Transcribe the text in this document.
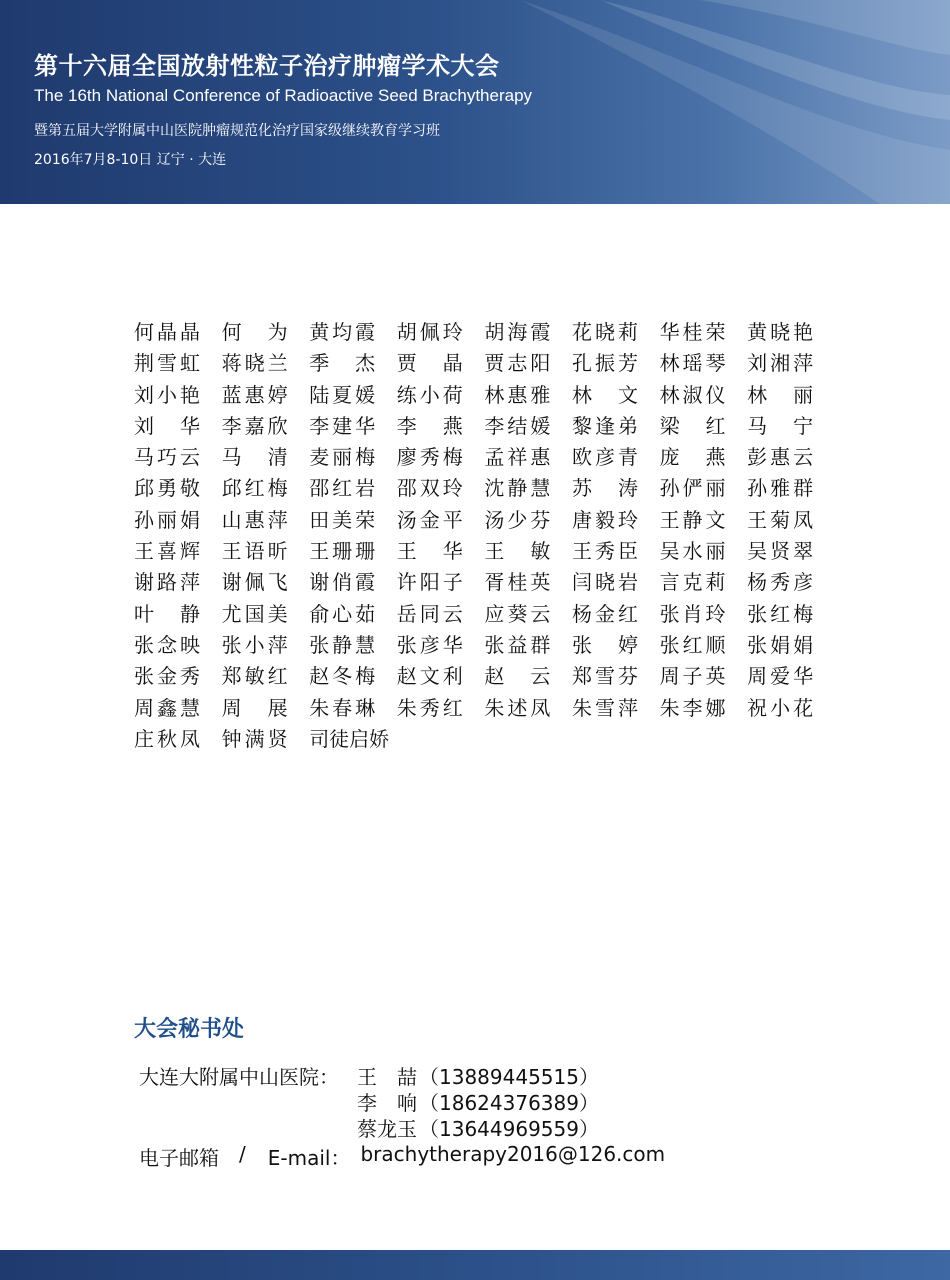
第十六届全国放射性粒子治疗肿瘤学术大会

The 16th National Conference of Radioactive Seed Brachytherapy

暨第五届大学附属中山医院肿瘤规范化治疗国家级继续教育学习班

2016年7月8-10日 辽宁 · 大连

何晶晶 何为 黄均霞 胡佩玲 胡海霞 花晓莉 华桂荣 黄晓艳
荆雪虹 蒋晓兰 季杰 贾晶 贾志阳 孔振芳 林瑶琴 刘湘萍
刘小艳 蓝惠婷 陆夏媛 练小荷 林惠雅 林文 林淑仪 林丽
刘华 李嘉欣 李建华 李燕 李结媛 黎逢弟 梁红 马宁
马巧云 马清 麦丽梅 廖秀梅 孟祥惠 欧彦青 庞燕 彭惠云
邱勇敬 邱红梅 邵红岩 邵双玲 沈静慧 苏涛 孙俨丽 孙雅群
孙丽娟 山惠萍 田美荣 汤金平 汤少芬 唐毅玲 王静文 王菊凤
王喜辉 王语昕 王珊珊 王华 王敏 王秀臣 吴水丽 吴贤翠
谢路萍 谢佩飞 谢俏霞 许阳子 胥桂英 闫晓岩 言克莉 杨秀彦
叶静 尤国美 俞心茹 岳同云 应葵云 杨金红 张肖玲 张红梅
张念映 张小萍 张静慧 张彦华 张益群 张婷 张红顺 张娟娟
张金秀 郑敏红 赵冬梅 赵文利 赵云 郑雪芬 周子英 周爱华
周鑫慧 周展 朱春琳 朱秀红 朱述凤 朱雪萍 朱李娜 祝小花
庄秋凤 钟满贤 司徒启娇
大会秘书处
大连大附属中山医院： 王　喆 （13889445515）
李　响 （18624376389）
蔡龙玉 （13644969559）
电子邮箱 / E-mail： brachytherapy2016@126.com
